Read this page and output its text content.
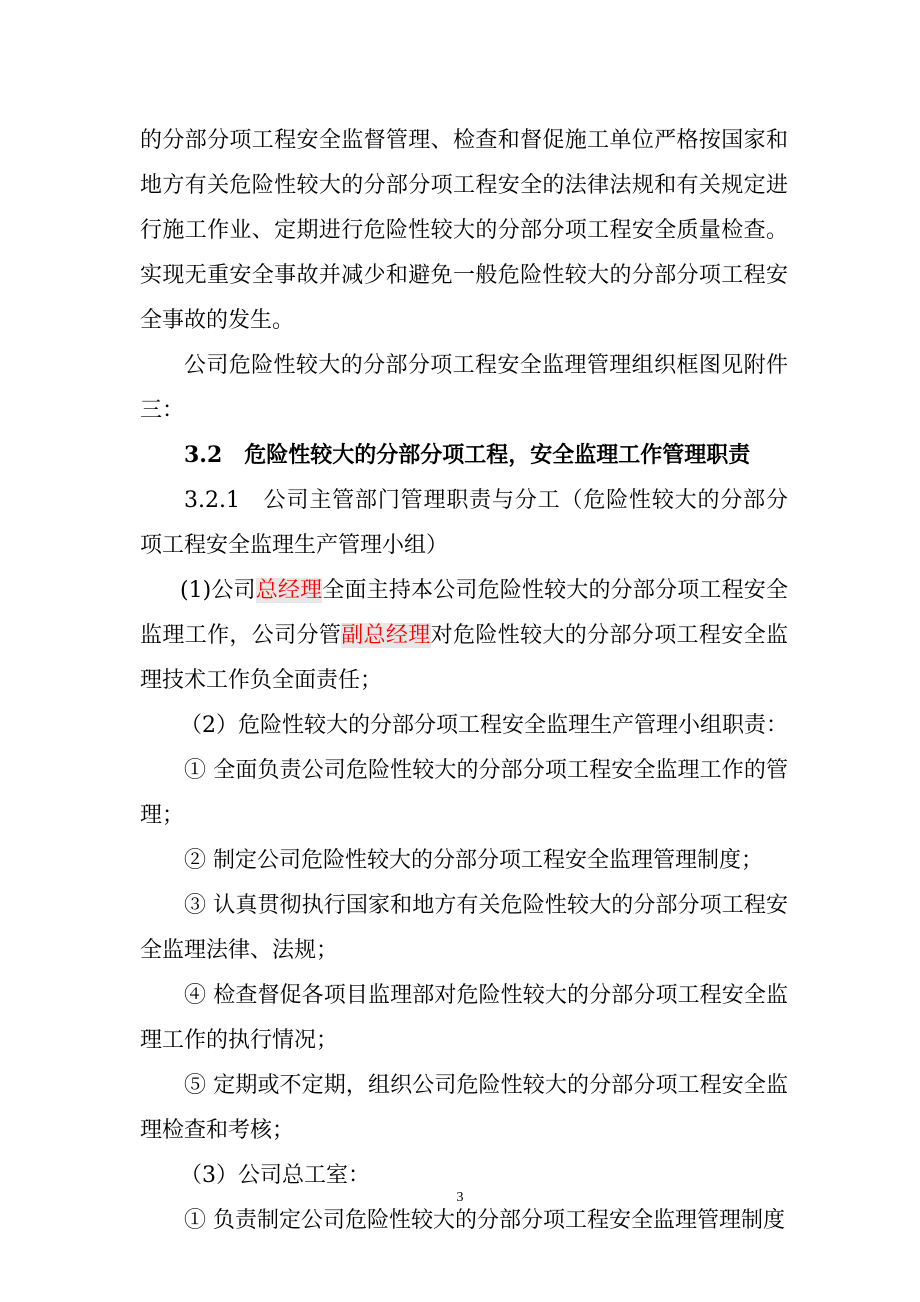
的分部分项工程安全监督管理、检查和督促施工单位严格按国家和地方有关危险性较大的分部分项工程安全的法律法规和有关规定进行施工作业、定期进行危险性较大的分部分项工程安全质量检查。实现无重安全事故并减少和避免一般危险性较大的分部分项工程安全事故的发生。

公司危险性较大的分部分项工程安全监理管理组织框图见附件三：

3.2　危险性较大的分部分项工程，安全监理工作管理职责

3.2.1　公司主管部门管理职责与分工（危险性较大的分部分项工程安全监理生产管理小组）

(1)公司总经理全面主持本公司危险性较大的分部分项工程安全监理工作，公司分管副总经理对危险性较大的分部分项工程安全监理技术工作负全面责任；

（2）危险性较大的分部分项工程安全监理生产管理小组职责：

① 全面负责公司危险性较大的分部分项工程安全监理工作的管理；

② 制定公司危险性较大的分部分项工程安全监理管理制度；

③ 认真贯彻执行国家和地方有关危险性较大的分部分项工程安全监理法律、法规；

④ 检查督促各项目监理部对危险性较大的分部分项工程安全监理工作的执行情况；

⑤ 定期或不定期，组织公司危险性较大的分部分项工程安全监理检查和考核；

（3）公司总工室：

① 负责制定公司危险性较大的分部分项工程安全监理管理制度

3
